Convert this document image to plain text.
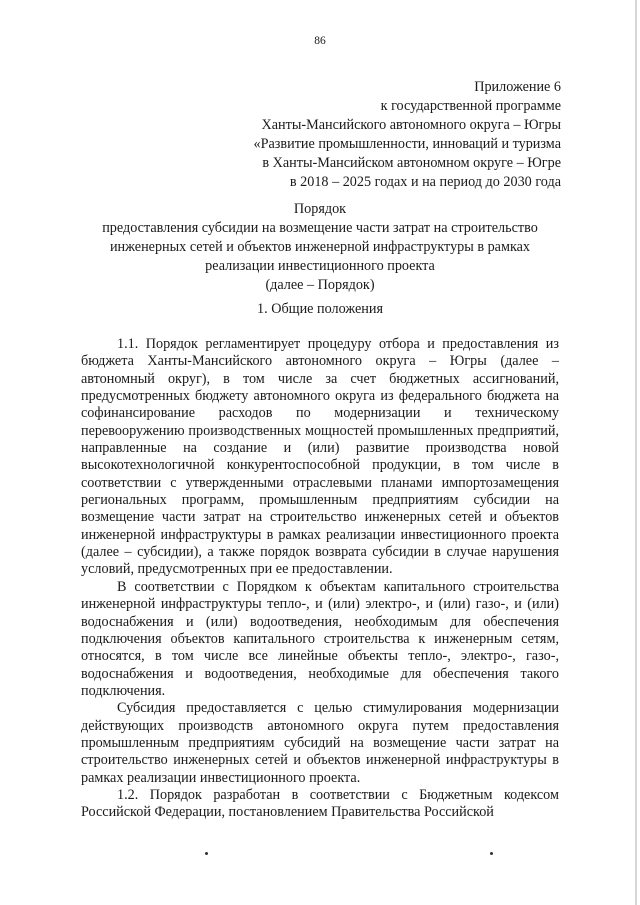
86
Приложение 6
к государственной программе
Ханты-Мансийского автономного округа – Югры
«Развитие промышленности, инноваций и туризма
в Ханты-Мансийском автономном округе – Югре
в 2018 – 2025 годах и на период до 2030 года
Порядок
предоставления субсидии на возмещение части затрат на строительство
инженерных сетей и объектов инженерной инфраструктуры в рамках
реализации инвестиционного проекта
(далее – Порядок)
1. Общие положения

1.1. Порядок регламентирует процедуру отбора и предоставления из бюджета Ханты-Мансийского автономного округа – Югры (далее – автономный округ), в том числе за счет бюджетных ассигнований, предусмотренных бюджету автономного округа из федерального бюджета на софинансирование расходов по модернизации и техническому перевооружению производственных мощностей промышленных предприятий, направленные на создание и (или) развитие производства новой высокотехнологичной конкурентоспособной продукции, в том числе в соответствии с утвержденными отраслевыми планами импортозамещения региональных программ, промышленным предприятиям субсидии на возмещение части затрат на строительство инженерных сетей и объектов инженерной инфраструктуры в рамках реализации инвестиционного проекта (далее – субсидии), а также порядок возврата субсидии в случае нарушения условий, предусмотренных при ее предоставлении.

В соответствии с Порядком к объектам капитального строительства инженерной инфраструктуры тепло-, и (или) электро-, и (или) газо-, и (или) водоснабжения и (или) водоотведения, необходимым для обеспечения подключения объектов капитального строительства к инженерным сетям, относятся, в том числе все линейные объекты тепло-, электро-, газо-, водоснабжения и водоотведения, необходимые для обеспечения такого подключения.

Субсидия предоставляется с целью стимулирования модернизации действующих производств автономного округа путем предоставления промышленным предприятиям субсидий на возмещение части затрат на строительство инженерных сетей и объектов инженерной инфраструктуры в рамках реализации инвестиционного проекта.

1.2. Порядок разработан в соответствии с Бюджетным кодексом Российской Федерации, постановлением Правительства Российской
